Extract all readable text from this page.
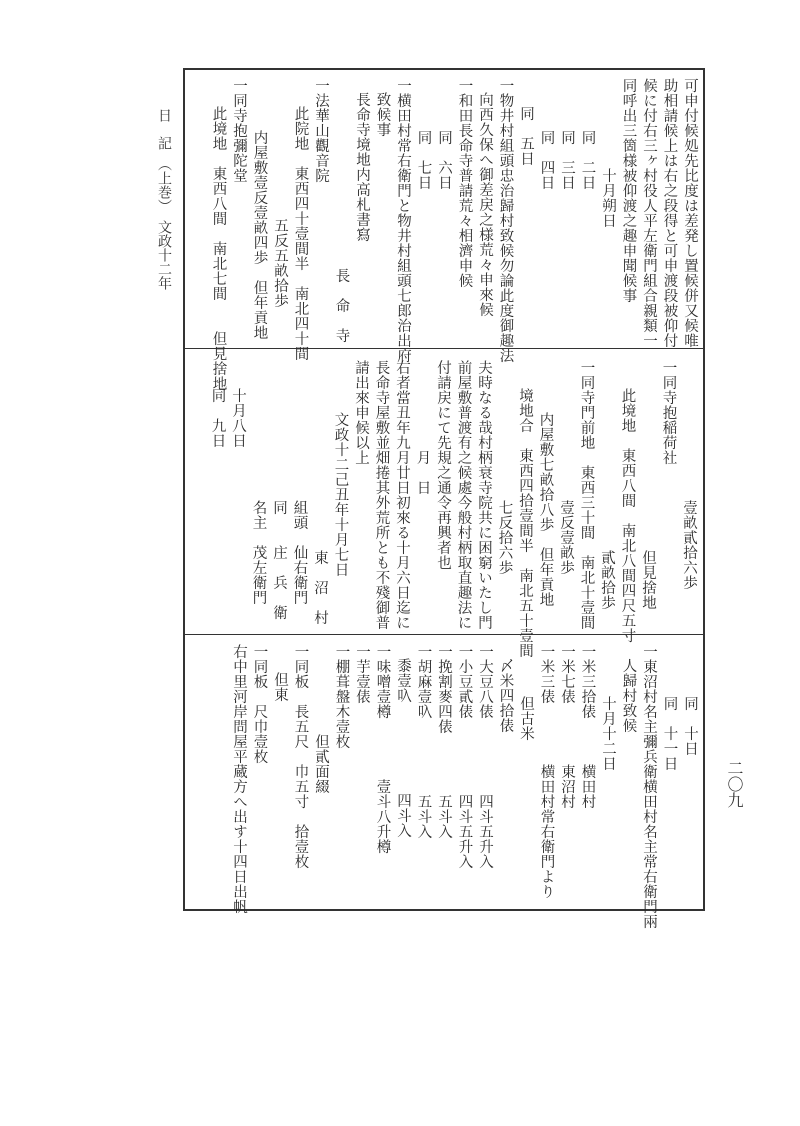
日　記　（上巻）　文政十二年
二〇九
可申付候処先比度は差発し置候併又候唯
助相請候上は右之段得と可申渡段被仰付
候に付右三ヶ村役人平左衛門組合親類一
同呼出三箇様被仰渡之趣申聞候事
十月朔日
同　二日
同　三日
同　四日
同　五日
一物井村組頭忠治歸村致候勿論此度御趣法
向西久保へ御差戻之様荒々申來候
一和田長命寺普請荒々相濟申候
同　六日
同　七日
一横田村常右衛門と物井村組頭七郎治出府
致候事
長命寺境地内高札書寫
長　命　寺
一法華山觀音院
此院地　東西四十壹間半　南北四十間
五反五畝拾歩
内屋敷壹反壹畝四歩　但年貢地
一同寺抱彌陀堂
此境地　東西八間　南北七間　　但見捨地
壹畝貳拾六歩
一同寺抱稲荷社
但見捨地
此境地　東西八間　南北八間四尺五寸
貳畝拾歩
一同寺門前地　東西三十間　南北十壹間
壹反壹畝歩
内屋敷七畝拾八歩　但年貢地
境地合　東西四拾壹間半　南北五十壹間
七反拾六歩
夫時なる哉村柄衰寺院共に困窮いたし門
前屋敷普渡有之候處今般村柄取直趣法に
付請戻にて先規之通令再興者也
月　日
右者當丑年九月廿日初來る十月六日迄に
長命寺屋敷並畑捲其外荒所とも不殘御普
請出來申候以上
文政十二己丑年十月七日
東　沼　村
組頭　仙右衛門
同　　庄　兵　衛
名主　茂左衛門
十月八日
同　九日
同　十日
同　十一日
一東沼村名主彌兵衛横田村名主常右衛門兩
人歸村致候
十月十二日
一米三拾俵　　　横田村
一米七俵　　　　東沼村
一米三俵　　　　横田村常右衛門より
但古米
〆米四拾俵
一大豆八俵　　　　　四斗五升入
一小豆貳俵　　　　　四斗五升入
一挽割麥四俵　　　　五斗入
一胡麻壹叺　　　　　五斗入
黍壹叺　　　　　　四斗入
一味噌壹樽　　　　壹斗八升樽
一芋壹俵
一棚葺盤木壹枚
但貳面綴
一同板　長五尺　巾五寸　拾壹枚
但東
一同板　尺巾壹枚
右中里河岸問屋平蔵方へ出す十四日出帆
